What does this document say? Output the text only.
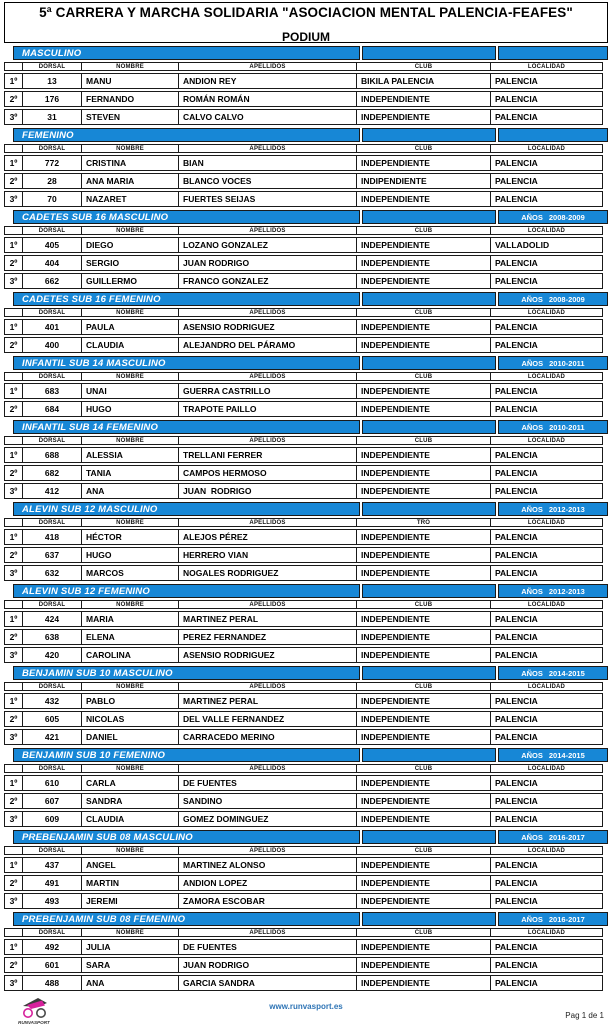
5ª CARRERA Y MARCHA SOLIDARIA "ASOCIACION MENTAL PALENCIA-FEAFES"
PODIUM
MASCULINO
DORSAL	NOMBRE	APELLIDOS	CLUB	LOCALIDAD
1º	13	MANU	ANDION REY	BIKILA PALENCIA	PALENCIA
2º	176	FERNANDO	ROMÁN ROMÁN	INDEPENDIENTE	PALENCIA
3º	31	STEVEN	CALVO CALVO	INDEPENDIENTE	PALENCIA
FEMENINO
DORSAL	NOMBRE	APELLIDOS	CLUB	LOCALIDAD
1º	772	CRISTINA	BIAN	INDEPENDIENTE	PALENCIA
2º	28	ANA MARIA	BLANCO VOCES	INDIPENDIENTE	PALENCIA
3º	70	NAZARET	FUERTES SEIJAS	INDEPENDIENTE	PALENCIA
CADETES SUB 16 MASCULINO	AÑOS 2008-2009
DORSAL	NOMBRE	APELLIDOS	CLUB	LOCALIDAD
1º	405	DIEGO	LOZANO GONZALEZ	INDEPENDIENTE	VALLADOLID
2º	404	SERGIO	JUAN RODRIGO	INDEPENDIENTE	PALENCIA
3º	662	GUILLERMO	FRANCO GONZALEZ	INDEPENDIENTE	PALENCIA
CADETES SUB 16 FEMENINO	AÑOS 2008-2009
DORSAL	NOMBRE	APELLIDOS	CLUB	LOCALIDAD
1º	401	PAULA	ASENSIO RODRIGUEZ	INDEPENDIENTE	PALENCIA
2º	400	CLAUDIA	ALEJANDRO DEL PÁRAMO	INDEPENDIENTE	PALENCIA
INFANTIL SUB 14 MASCULINO	AÑOS 2010-2011
DORSAL	NOMBRE	APELLIDOS	CLUB	LOCALIDAD
1º	683	UNAI	GUERRA CASTRILLO	INDEPENDIENTE	PALENCIA
2º	684	HUGO	TRAPOTE PAILLO	INDEPENDIENTE	PALENCIA
INFANTIL SUB 14 FEMENINO	AÑOS 2010-2011
DORSAL	NOMBRE	APELLIDOS	CLUB	LOCALIDAD
1º	688	ALESSIA	TRELLANI FERRER	INDEPENDIENTE	PALENCIA
2º	682	TANIA	CAMPOS HERMOSO	INDEPENDIENTE	PALENCIA
3º	412	ANA	JUAN  RODRIGO	INDEPENDIENTE	PALENCIA
ALEVIN SUB 12 MASCULINO	AÑOS 2012-2013
DORSAL	NOMBRE	APELLIDOS	TRO	LOCALIDAD
1º	418	HÉCTOR	ALEJOS PÉREZ	INDEPENDIENTE	PALENCIA
2º	637	HUGO	HERRERO VIAN	INDEPENDIENTE	PALENCIA
3º	632	MARCOS	NOGALES RODRIGUEZ	INDEPENDIENTE	PALENCIA
ALEVIN SUB 12 FEMENINO	AÑOS 2012-2013
DORSAL	NOMBRE	APELLIDOS	CLUB	LOCALIDAD
1º	424	MARIA	MARTINEZ PERAL	INDEPENDIENTE	PALENCIA
2º	638	ELENA	PEREZ FERNANDEZ	INDEPENDIENTE	PALENCIA
3º	420	CAROLINA	ASENSIO RODRIGUEZ	INDEPENDIENTE	PALENCIA
BENJAMIN SUB 10 MASCULINO	AÑOS 2014-2015
DORSAL	NOMBRE	APELLIDOS	CLUB	LOCALIDAD
1º	432	PABLO	MARTINEZ PERAL	INDEPENDIENTE	PALENCIA
2º	605	NICOLAS	DEL VALLE FERNANDEZ	INDEPENDIENTE	PALENCIA
3º	421	DANIEL	CARRACEDO MERINO	INDEPENDIENTE	PALENCIA
BENJAMIN SUB 10 FEMENINO	AÑOS 2014-2015
DORSAL	NOMBRE	APELLIDOS	CLUB	LOCALIDAD
1º	610	CARLA	DE FUENTES	INDEPENDIENTE	PALENCIA
2º	607	SANDRA	SANDINO	INDEPENDIENTE	PALENCIA
3º	609	CLAUDIA	GOMEZ DOMINGUEZ	INDEPENDIENTE	PALENCIA
PREBENJAMIN SUB 08 MASCULINO	AÑOS 2016-2017
DORSAL	NOMBRE	APELLIDOS	CLUB	LOCALIDAD
1º	437	ANGEL	MARTINEZ ALONSO	INDEPENDIENTE	PALENCIA
2º	491	MARTIN	ANDION LOPEZ	INDEPENDIENTE	PALENCIA
3º	493	JEREMI	ZAMORA ESCOBAR	INDEPENDIENTE	PALENCIA
PREBENJAMIN SUB 08 FEMENINO	AÑOS 2016-2017
DORSAL	NOMBRE	APELLIDOS	CLUB	LOCALIDAD
1º	492	JULIA	DE FUENTES	INDEPENDIENTE	PALENCIA
2º	601	SARA	JUAN RODRIGO	INDEPENDIENTE	PALENCIA
3º	488	ANA	GARCIA SANDRA	INDEPENDIENTE	PALENCIA
RUNVASPORT
www.runvasport.es
Pag 1 de 1
